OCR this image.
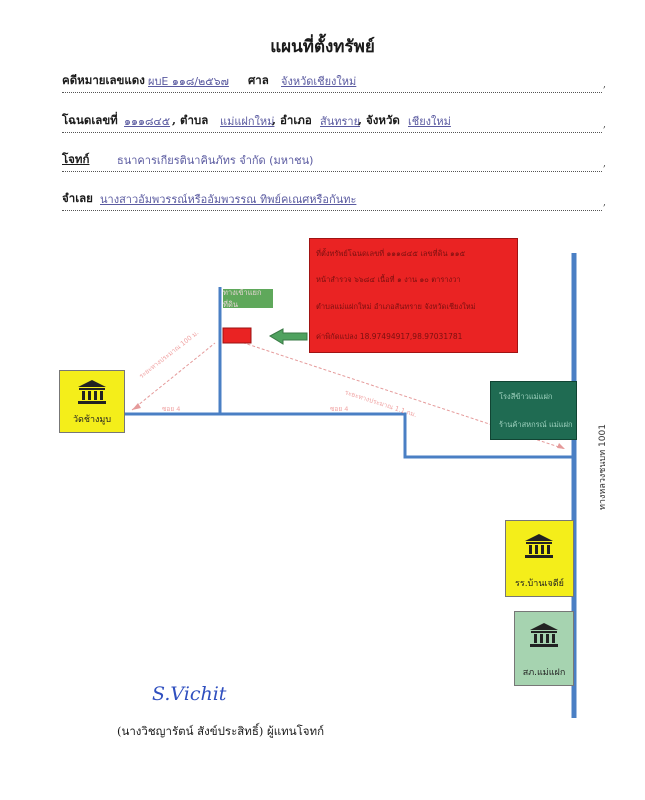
แผนที่ตั้งทรัพย์
คดีหมายเลขแดง ผบE ๑๑๘/๒๕๖๗ ศาล จังหวัดเชียงใหม่	,
โฉนดเลขที่ ๑๑๑๘๔๕ , ตำบล แม่แฝกใหม่
, อำเภอ สันทราย
, จังหวัด เชียงใหม่	,
โจทก์	ธนาคารเกียรตินาคินภัทร จำกัด (มหาชน)	,
จำเลย นางสาวอัมพวรรณ์หรืออัมพวรรณ ทิพย์คเณศหรือกันทะ	,
ที่ตั้งทรัพย์โฉนดเลขที่ ๑๑๑๘๔๕ เลขที่ดิน ๑๑๕
หน้าสำรวจ ๖๖๘๔ เนื้อที่ ๑ งาน ๑๐ ตารางวา
ตำบลแม่แฝกใหม่ อำเภอสันทราย จังหวัดเชียงใหม่
ค่าพิกัดแปลง 18.97494917,98.97031781
ทางเข้าแยกที่ดิน
โรงสีข้าวแม่แฝก
ร้านค้าสหกรณ์ แม่แฝก
วัดช้างมูบ
รร.บ้านเจดีย์
สภ.แม่แฝก
ทางหลวงชนบท 1001
ระยะทางประมาณ 100 ม.
ระยะทางประมาณ 1.1 กม.
ซอย 4	ซอย 4
S.Vichit
(นางวิชญารัตน์ สังข์ประสิทธิ์) ผู้แทนโจทก์
